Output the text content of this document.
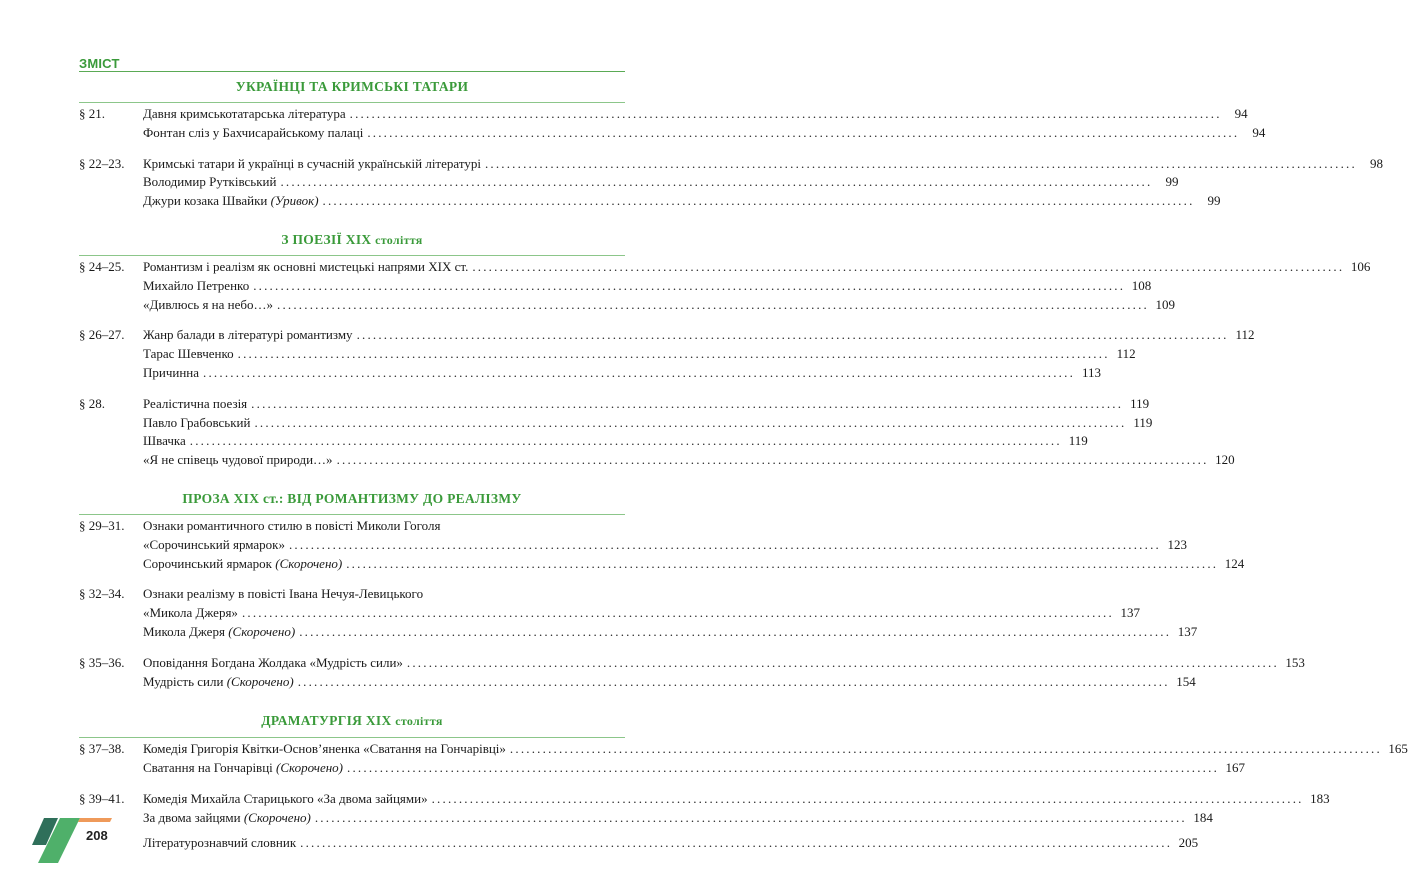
ЗМІСТ
УКРАЇНЦІ ТА КРИМСЬКІ ТАТАРИ
§ 21.	Давня кримськотатарська література ................................................................................................................................................................	94
Фонтан сліз у Бахчисарайському палаці ................................................................................................................................................................	94
§ 22–23.	Кримські татари й українці в сучасній українській літературі ................................................................................................................................................................	98
Володимир Рутківський ................................................................................................................................................................	99
Джури козака Швайки (Уривок) ................................................................................................................................................................	99
З ПОЕЗІЇ XIX століття
§ 24–25.	Романтизм і реалізм як основні мистецькі напрями XIX ст. ................................................................................................................................................................ 106
Михайло Петренко ................................................................................................................................................................ 108
«Дивлюсь я на небо…» ................................................................................................................................................................ 109
§ 26–27.	Жанр балади в літературі романтизму ................................................................................................................................................................ 112
Тарас Шевченко ................................................................................................................................................................ 112
Причинна ................................................................................................................................................................ 113
§ 28.	Реалістична поезія ................................................................................................................................................................ 119
Павло Грабовський ................................................................................................................................................................ 119
Швачка ................................................................................................................................................................ 119
«Я не співець чудової природи…» ................................................................................................................................................................ 120
ПРОЗА XIX ст.: ВІД РОМАНТИЗМУ ДО РЕАЛІЗМУ
§ 29–31.	Ознаки романтичного стилю в повісті Миколи Гоголя
«Сорочинський ярмарок» ................................................................................................................................................................ 123
Сорочинський ярмарок (Скорочено) ................................................................................................................................................................ 124
§ 32–34.	Ознаки реалізму в повісті Івана Нечуя-Левицького
«Микола Джеря» ................................................................................................................................................................ 137
Микола Джеря (Скорочено) ................................................................................................................................................................ 137
§ 35–36.	Оповідання Богдана Жолдака «Мудрість сили» ................................................................................................................................................................ 153
Мудрість сили (Скорочено) ................................................................................................................................................................ 154
ДРАМАТУРГІЯ XIX століття
§ 37–38.	Комедія Григорія Квітки-Основ’яненка «Сватання на Гончарівці» ................................................................................................................................................................ 165
Сватання на Гончарівці (Скорочено) ................................................................................................................................................................ 167
§ 39–41.	Комедія Михайла Старицького «За двома зайцями» ................................................................................................................................................................ 183
За двома зайцями (Скорочено) ................................................................................................................................................................ 184
Літературознавчий словник ................................................................................................................................................................ 205
208
